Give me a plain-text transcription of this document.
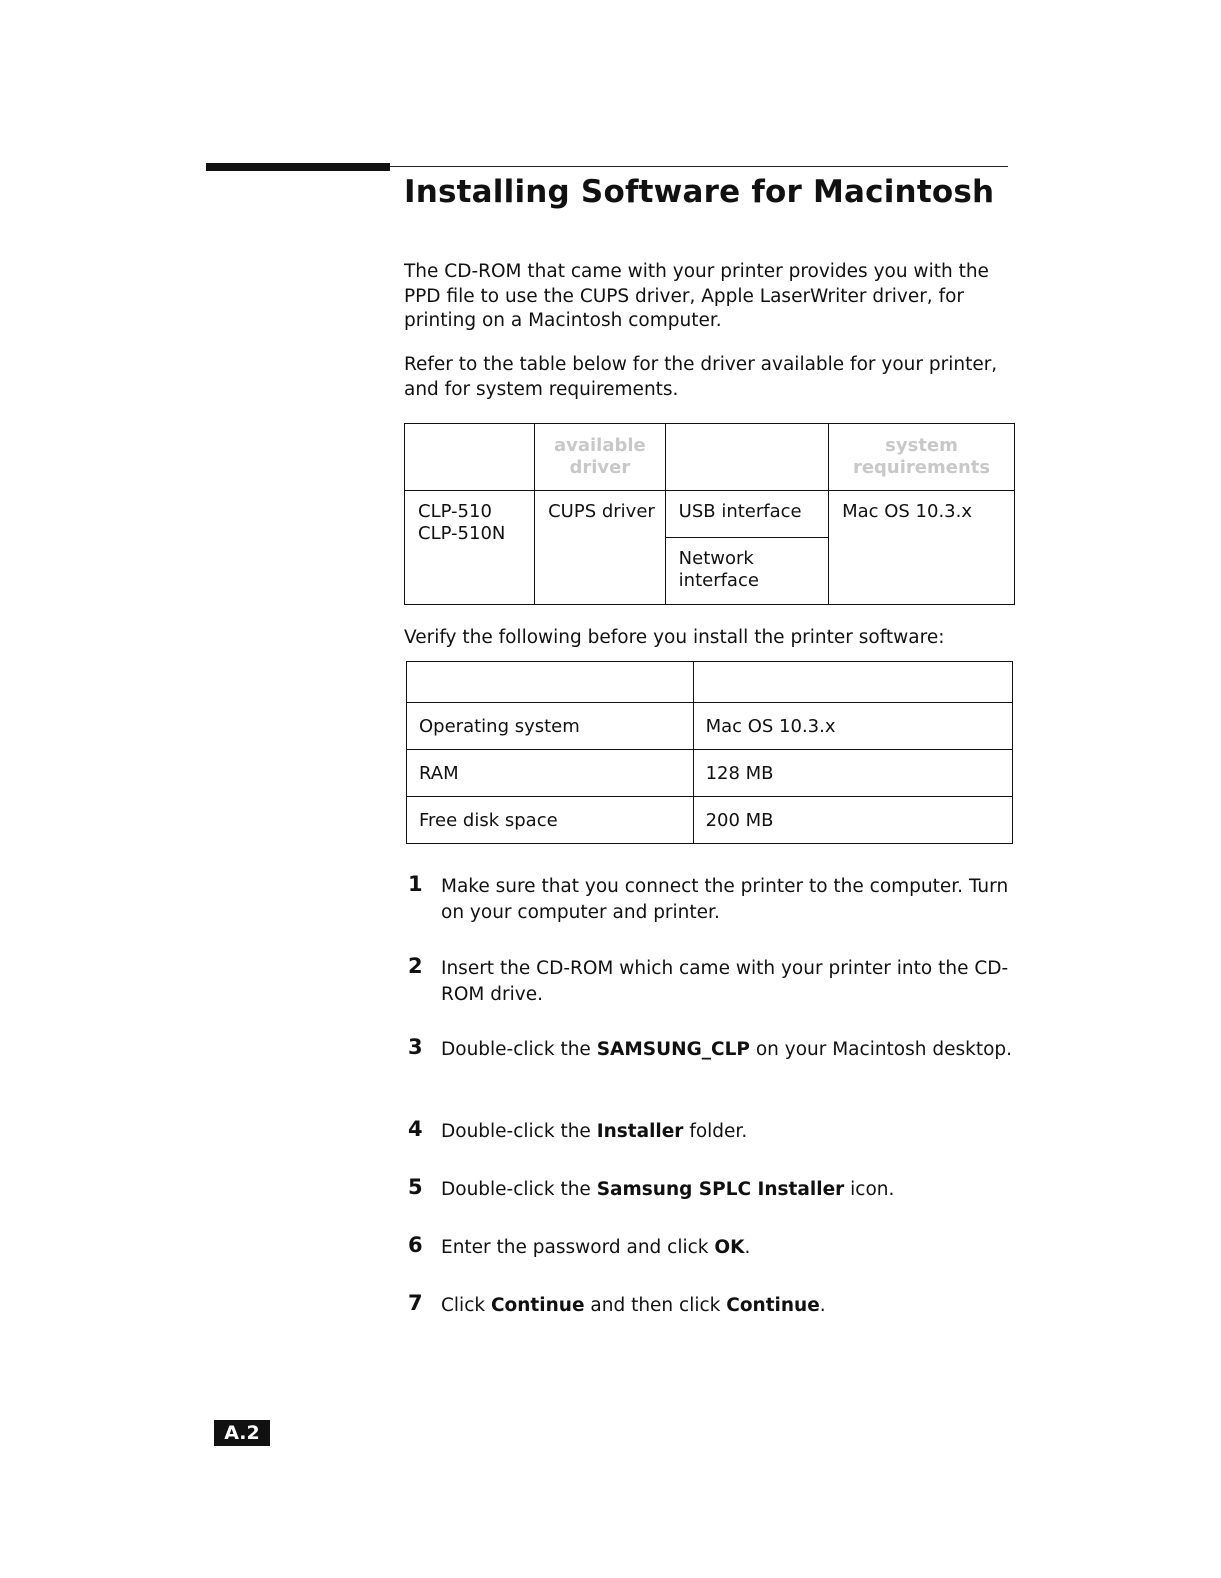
Installing Software for Macintosh

The CD-ROM that came with your printer provides you with the PPD file to use the CUPS driver, Apple LaserWriter driver, for printing on a Macintosh computer.

Refer to the table below for the driver available for your printer, and for system requirements.

	available driver		system requirements
CLP-510 CLP-510N	CUPS driver	USB interface	Mac OS 10.3.x
		Network interface	

Verify the following before you install the printer software:

Operating system	Mac OS 10.3.x
RAM	128 MB
Free disk space	200 MB
1 Make sure that you connect the printer to the computer. Turn on your computer and printer.
2 Insert the CD-ROM which came with your printer into the CD-ROM drive.
3 Double-click the SAMSUNG_CLP on your Macintosh desktop.
4 Double-click the Installer folder.
5 Double-click the Samsung SPLC Installer icon.
6 Enter the password and click OK.
7 Click Continue and then click Continue.
A.2
